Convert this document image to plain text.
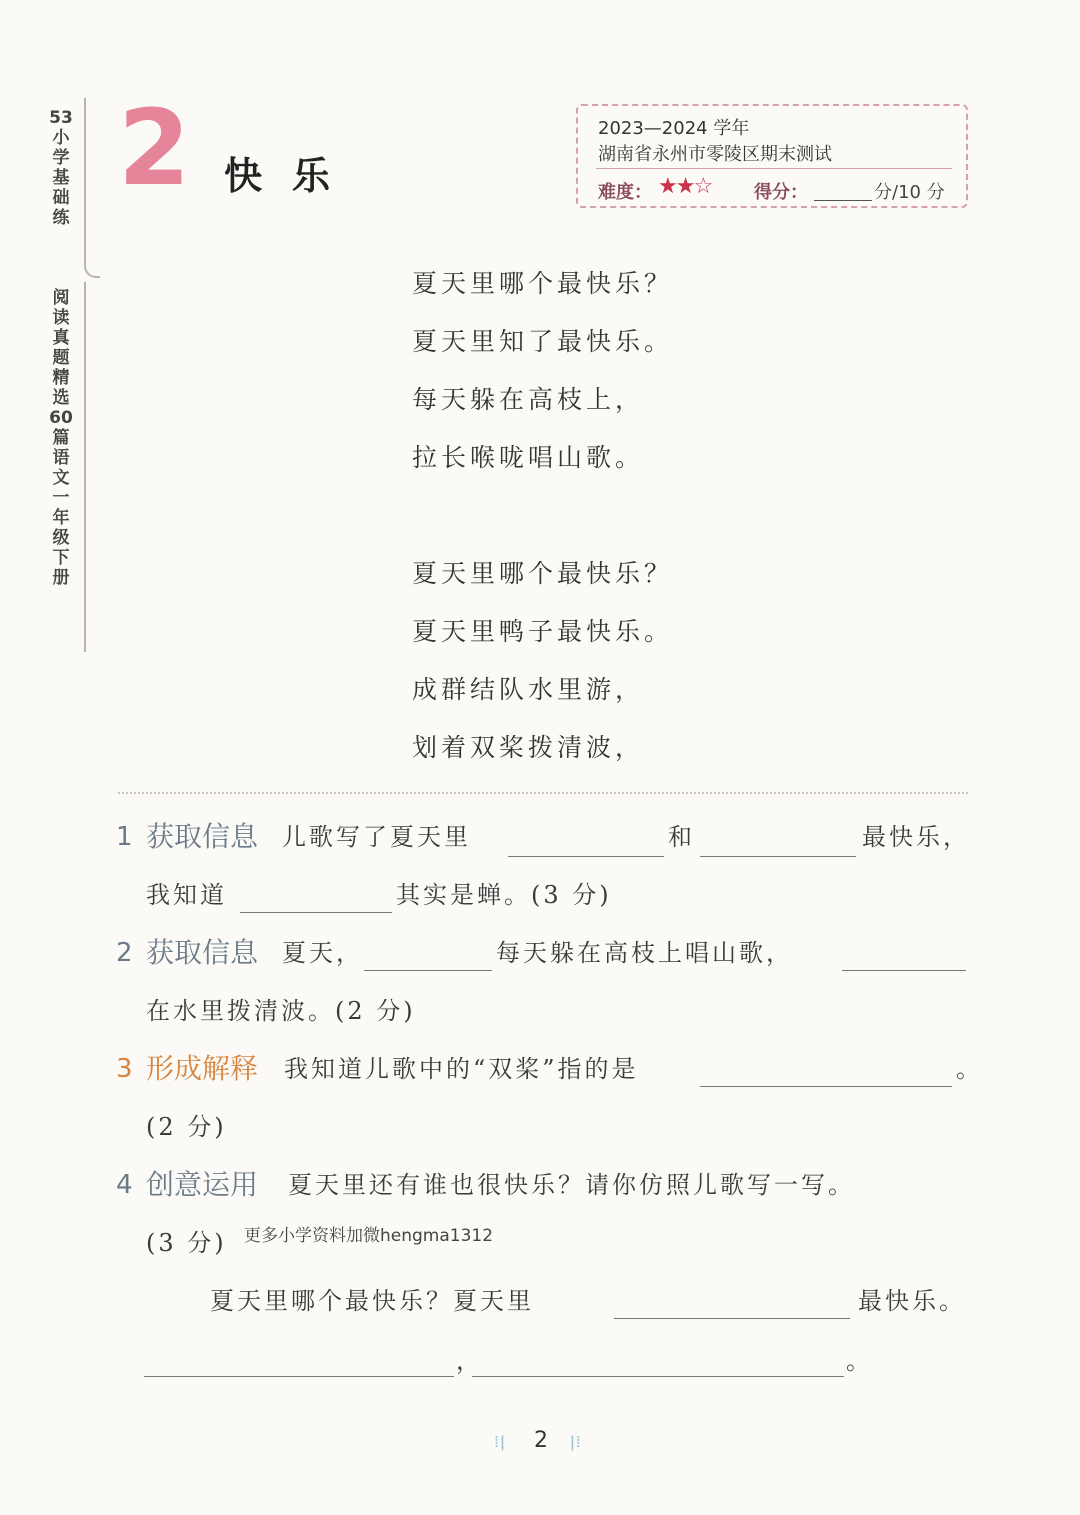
53小学基础练
阅读真题精选60篇 语文 一年级下册
2 快乐
2023—2024 学年
湖南省永州市零陵区期末测试
难度： ★★☆ 得分：	分/10 分
夏天里哪个最快乐？
夏天里知了最快乐。
每天躲在高枝上，
拉长喉咙唱山歌。
夏天里哪个最快乐？
夏天里鸭子最快乐。
成群结队水里游，
划着双桨拨清波，
1 获取信息 儿歌写了夏天里	和	最快乐，
我知道	其实是蝉。(3 分)
2 获取信息 夏天，	每天躲在高枝上唱山歌，
在水里拨清波。(2 分)
3 形成解释 我知道儿歌中的“双桨”指的是	。
(2 分)
4 创意运用 夏天里还有谁也很快乐？请你仿照儿歌写一写。
(3 分) 更多小学资料加微hengma1312
夏天里哪个最快乐？夏天里	最快乐。
，	。
⁞ǀ	2	ǀ⁞
